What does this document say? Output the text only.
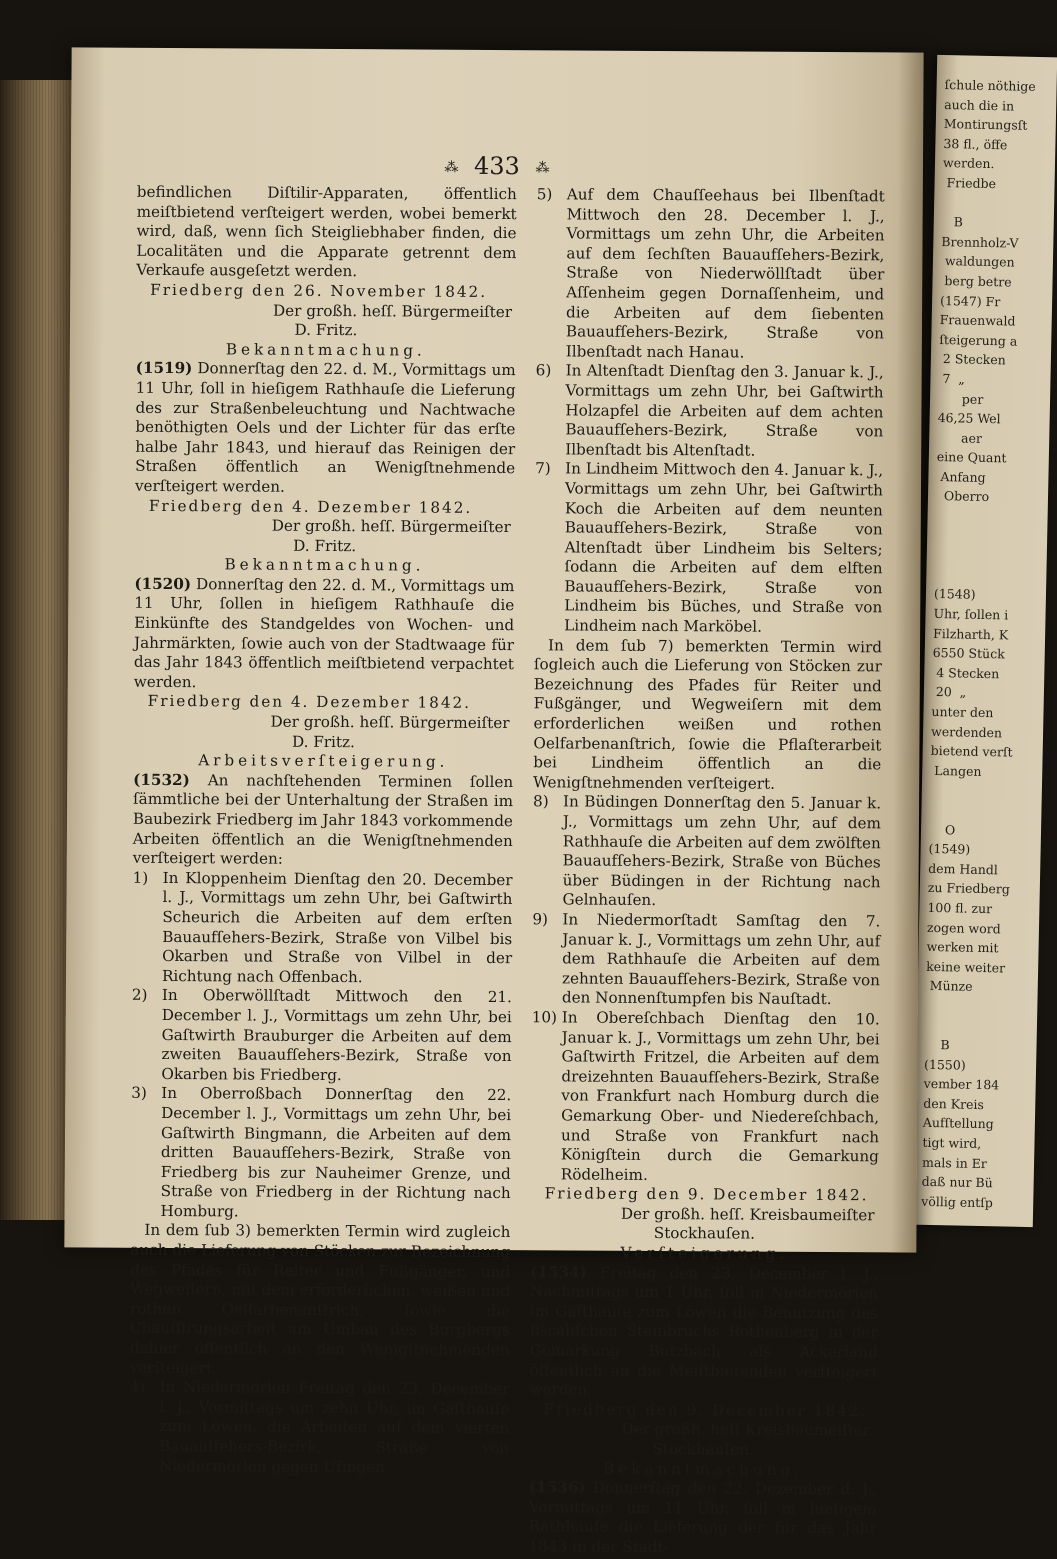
ſchule nöthige
auch die in
Montirungsſt
38 fl., öffe
werden.
Friedbe

B
Brennholz-V
waldungen
berg betre
(1547) Fr
Frauenwald
ſteigerung a
2 Stecken
7  „
per
46,25 Wel
aer
eine Quant
Anfang
Oberro

(1548)
Uhr, ſollen i
Filzharth, K
6550 Stück
4 Stecken
20  „
unter den
werdenden
bietend verſt
Langen

O
(1549)
dem Handl
zu Friedberg
100 fl. zur
zogen word
werken mit
keine weiter
Münze

B
(1550)
vember 184
den Kreis
Aufſtellung
tigt wird,
mals in Er
daß nur Bü
völlig entſp
⁂ 433 ⁂

befindlichen Diſtilir-Apparaten, öffentlich meiſtbietend verſteigert werden, wobei bemerkt wird, daß, wenn ſich Steigliebhaber finden, die Localitäten und die Apparate getrennt dem Verkaufe ausgeſetzt werden.

Friedberg den 26. November 1842.

Der großh. heſſ. Bürgermeiſter

D. Fritz.

Bekanntmachung.

(1519) Donnerſtag den 22. d. M., Vormittags um 11 Uhr, ſoll in hieſigem Rathhauſe die Lieferung des zur Straßenbeleuchtung und Nachtwache benöthigten Oels und der Lichter für das erſte halbe Jahr 1843, und hierauf das Reinigen der Straßen öffentlich an Wenigſtnehmende verſteigert werden.

Friedberg den 4. Dezember 1842.

Der großh. heſſ. Bürgermeiſter

D. Fritz.

Bekanntmachung.

(1520) Donnerſtag den 22. d. M., Vormittags um 11 Uhr, ſollen in hieſigem Rathhauſe die Einkünfte des Standgeldes von Wochen- und Jahrmärkten, ſowie auch von der Stadtwaage für das Jahr 1843 öffentlich meiſtbietend verpachtet werden.

Friedberg den 4. Dezember 1842.

Der großh. heſſ. Bürgermeiſter

D. Fritz.

Arbeitsverſteigerung.

(1532) An nachſtehenden Terminen ſollen ſämmtliche bei der Unterhaltung der Straßen im Baubezirk Friedberg im Jahr 1843 vorkommende Arbeiten öffentlich an die Wenigſtnehmenden verſteigert werden:

1) In Kloppenheim Dienſtag den 20. December l. J., Vormittags um zehn Uhr, bei Gaſtwirth Scheurich die Arbeiten auf dem erſten Bauaufſehers-Bezirk, Straße von Vilbel bis Okarben und Straße von Vilbel in der Richtung nach Offenbach.
2) In Oberwöllſtadt Mittwoch den 21. December l. J., Vormittags um zehn Uhr, bei Gaſtwirth Brauburger die Arbeiten auf dem zweiten Bauaufſehers-Bezirk, Straße von Okarben bis Friedberg.
3) In Oberroßbach Donnerſtag den 22. December l. J., Vormittags um zehn Uhr, bei Gaſtwirth Bingmann, die Arbeiten auf dem dritten Bauaufſehers-Bezirk, Straße von Friedberg bis zur Nauheimer Grenze, und Straße von Friedberg in der Richtung nach Homburg.

In dem ſub 3) bemerkten Termin wird zugleich auch die Lieferung von Stöcken zur Bezeichnung des Pfades für Reiter und Fußgänger, und Wegweiſern, mit dem erforderlichen, weißen und rothen Oelfarbenanſtrich, ſowie die Chauſſirungsarbeit am Umbau des Burgbergs dahier öffentlich an den Wenigſtnehmenden verſteigert.

4) In Niedermörlen Freitag den 23. December l. J., Vormittags um zehn Uhr, im Gaſthauſe zum Löwen, die Arbeiten auf dem vierten Bauaufſehers-Bezirk, Straße von Niedermörlen gegen Uſingen.
5) Auf dem Chauſſeehaus bei Ilbenſtadt Mittwoch den 28. December l. J., Vormittags um zehn Uhr, die Arbeiten auf dem ſechſten Bauaufſehers-Bezirk, Straße von Niederwöllſtadt über Aſſenheim gegen Dornaſſenheim, und die Arbeiten auf dem ſiebenten Bauaufſehers-Bezirk, Straße von Ilbenſtadt nach Hanau.
6) In Altenſtadt Dienſtag den 3. Januar k. J., Vormittags um zehn Uhr, bei Gaſtwirth Holzapfel die Arbeiten auf dem achten Bauaufſehers-Bezirk, Straße von Ilbenſtadt bis Altenſtadt.
7) In Lindheim Mittwoch den 4. Januar k. J., Vormittags um zehn Uhr, bei Gaſtwirth Koch die Arbeiten auf dem neunten Bauaufſehers-Bezirk, Straße von Altenſtadt über Lindheim bis Selters; ſodann die Arbeiten auf dem elften Bauaufſehers-Bezirk, Straße von Lindheim bis Büches, und Straße von Lindheim nach Marköbel.

In dem ſub 7) bemerkten Termin wird ſogleich auch die Lieferung von Stöcken zur Bezeichnung des Pfades für Reiter und Fußgänger, und Wegweiſern mit dem erforderlichen weißen und rothen Oelfarbenanſtrich, ſowie die Pflaſterarbeit bei Lindheim öffentlich an die Wenigſtnehmenden verſteigert.

8) In Büdingen Donnerſtag den 5. Januar k. J., Vormittags um zehn Uhr, auf dem Rathhauſe die Arbeiten auf dem zwölften Bauaufſehers-Bezirk, Straße von Büches über Büdingen in der Richtung nach Gelnhauſen.
9) In Niedermorſtadt Samſtag den 7. Januar k. J., Vormittags um zehn Uhr, auf dem Rathhauſe die Arbeiten auf dem zehnten Bauaufſehers-Bezirk, Straße von den Nonnenſtumpfen bis Nauſtadt.
10) In Obereſchbach Dienſtag den 10. Januar k. J., Vormittags um zehn Uhr, bei Gaſtwirth Fritzel, die Arbeiten auf dem dreizehnten Bauaufſehers-Bezirk, Straße von Frankfurt nach Homburg durch die Gemarkung Ober- und Niedereſchbach, und Straße von Frankfurt nach Königſtein durch die Gemarkung Rödelheim.

Friedberg den 9. December 1842.

Der großh. heſſ. Kreisbaumeiſter

Stockhauſen.

Verſteigerung.

(1534) Freitag den 23. December l. J., Nachmittags um 1 Uhr, ſoll in Niedermörlen im Gaſthauſe zum Löwen die Benutzung des fiscaliſchen Steinbruchs Rothenberg in der Gemarkung Butzbach als Ackerland öffentlich an die Meiſtbietenden verſteigert werden.

Friedberg den 9. December 1842.

Der großh. heſſ Kreisbaumeiſter.

Stockhauſen.

Bekanntmachung.

(1536) Donnerſtag den 22. Dezember d. J., Vormittags um 11 Uhr, ſoll in hieſigem Rathhauſe die Lieferung der für das Jahr 1843 in der Stadt-
